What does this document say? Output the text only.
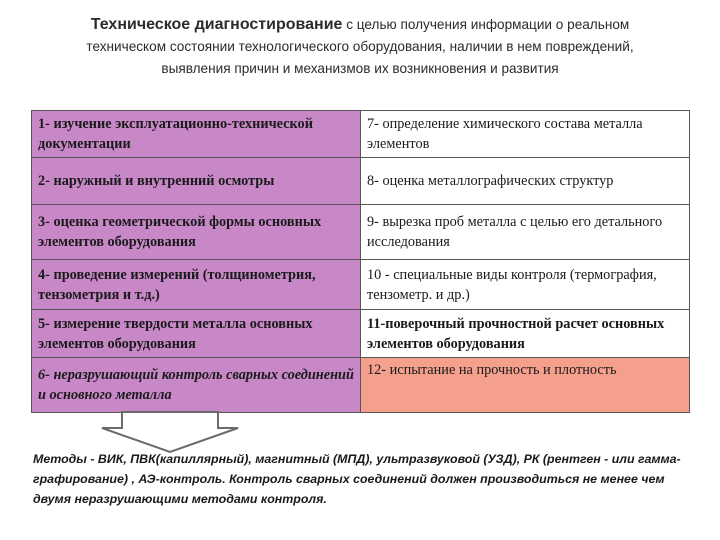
Техническое диагностирование с целью получения информации о реальном
техническом состоянии технологического оборудования, наличии в нем повреждений,
выявления причин и механизмов их возникновения и развития
1- изучение эксплуатационно-технической документации	7- определение химического состава металла элементов
2- наружный и внутренний осмотры	8- оценка металлографических структур
3- оценка геометрической формы основных элементов оборудования	9- вырезка проб металла с целью его детального исследования
4- проведение измерений (толщинометрия, тензометрия и т.д.)	10 - специальные виды контроля (термография, тензометр. и др.)
5- измерение твердости металла основных элементов оборудования	11-поверочный прочностной расчет основных элементов оборудования
6- неразрушающий контроль сварных соединений и основного металла	12- испытание на прочность и плотность
Методы - ВИК, ПВК(капиллярный), магнитный (МПД), ультразвуковой (УЗД), РК (рентген - или гамма-графирование) , АЭ-контроль. Контроль сварных соединений должен производиться не менее чем двумя неразрушающими методами контроля.
